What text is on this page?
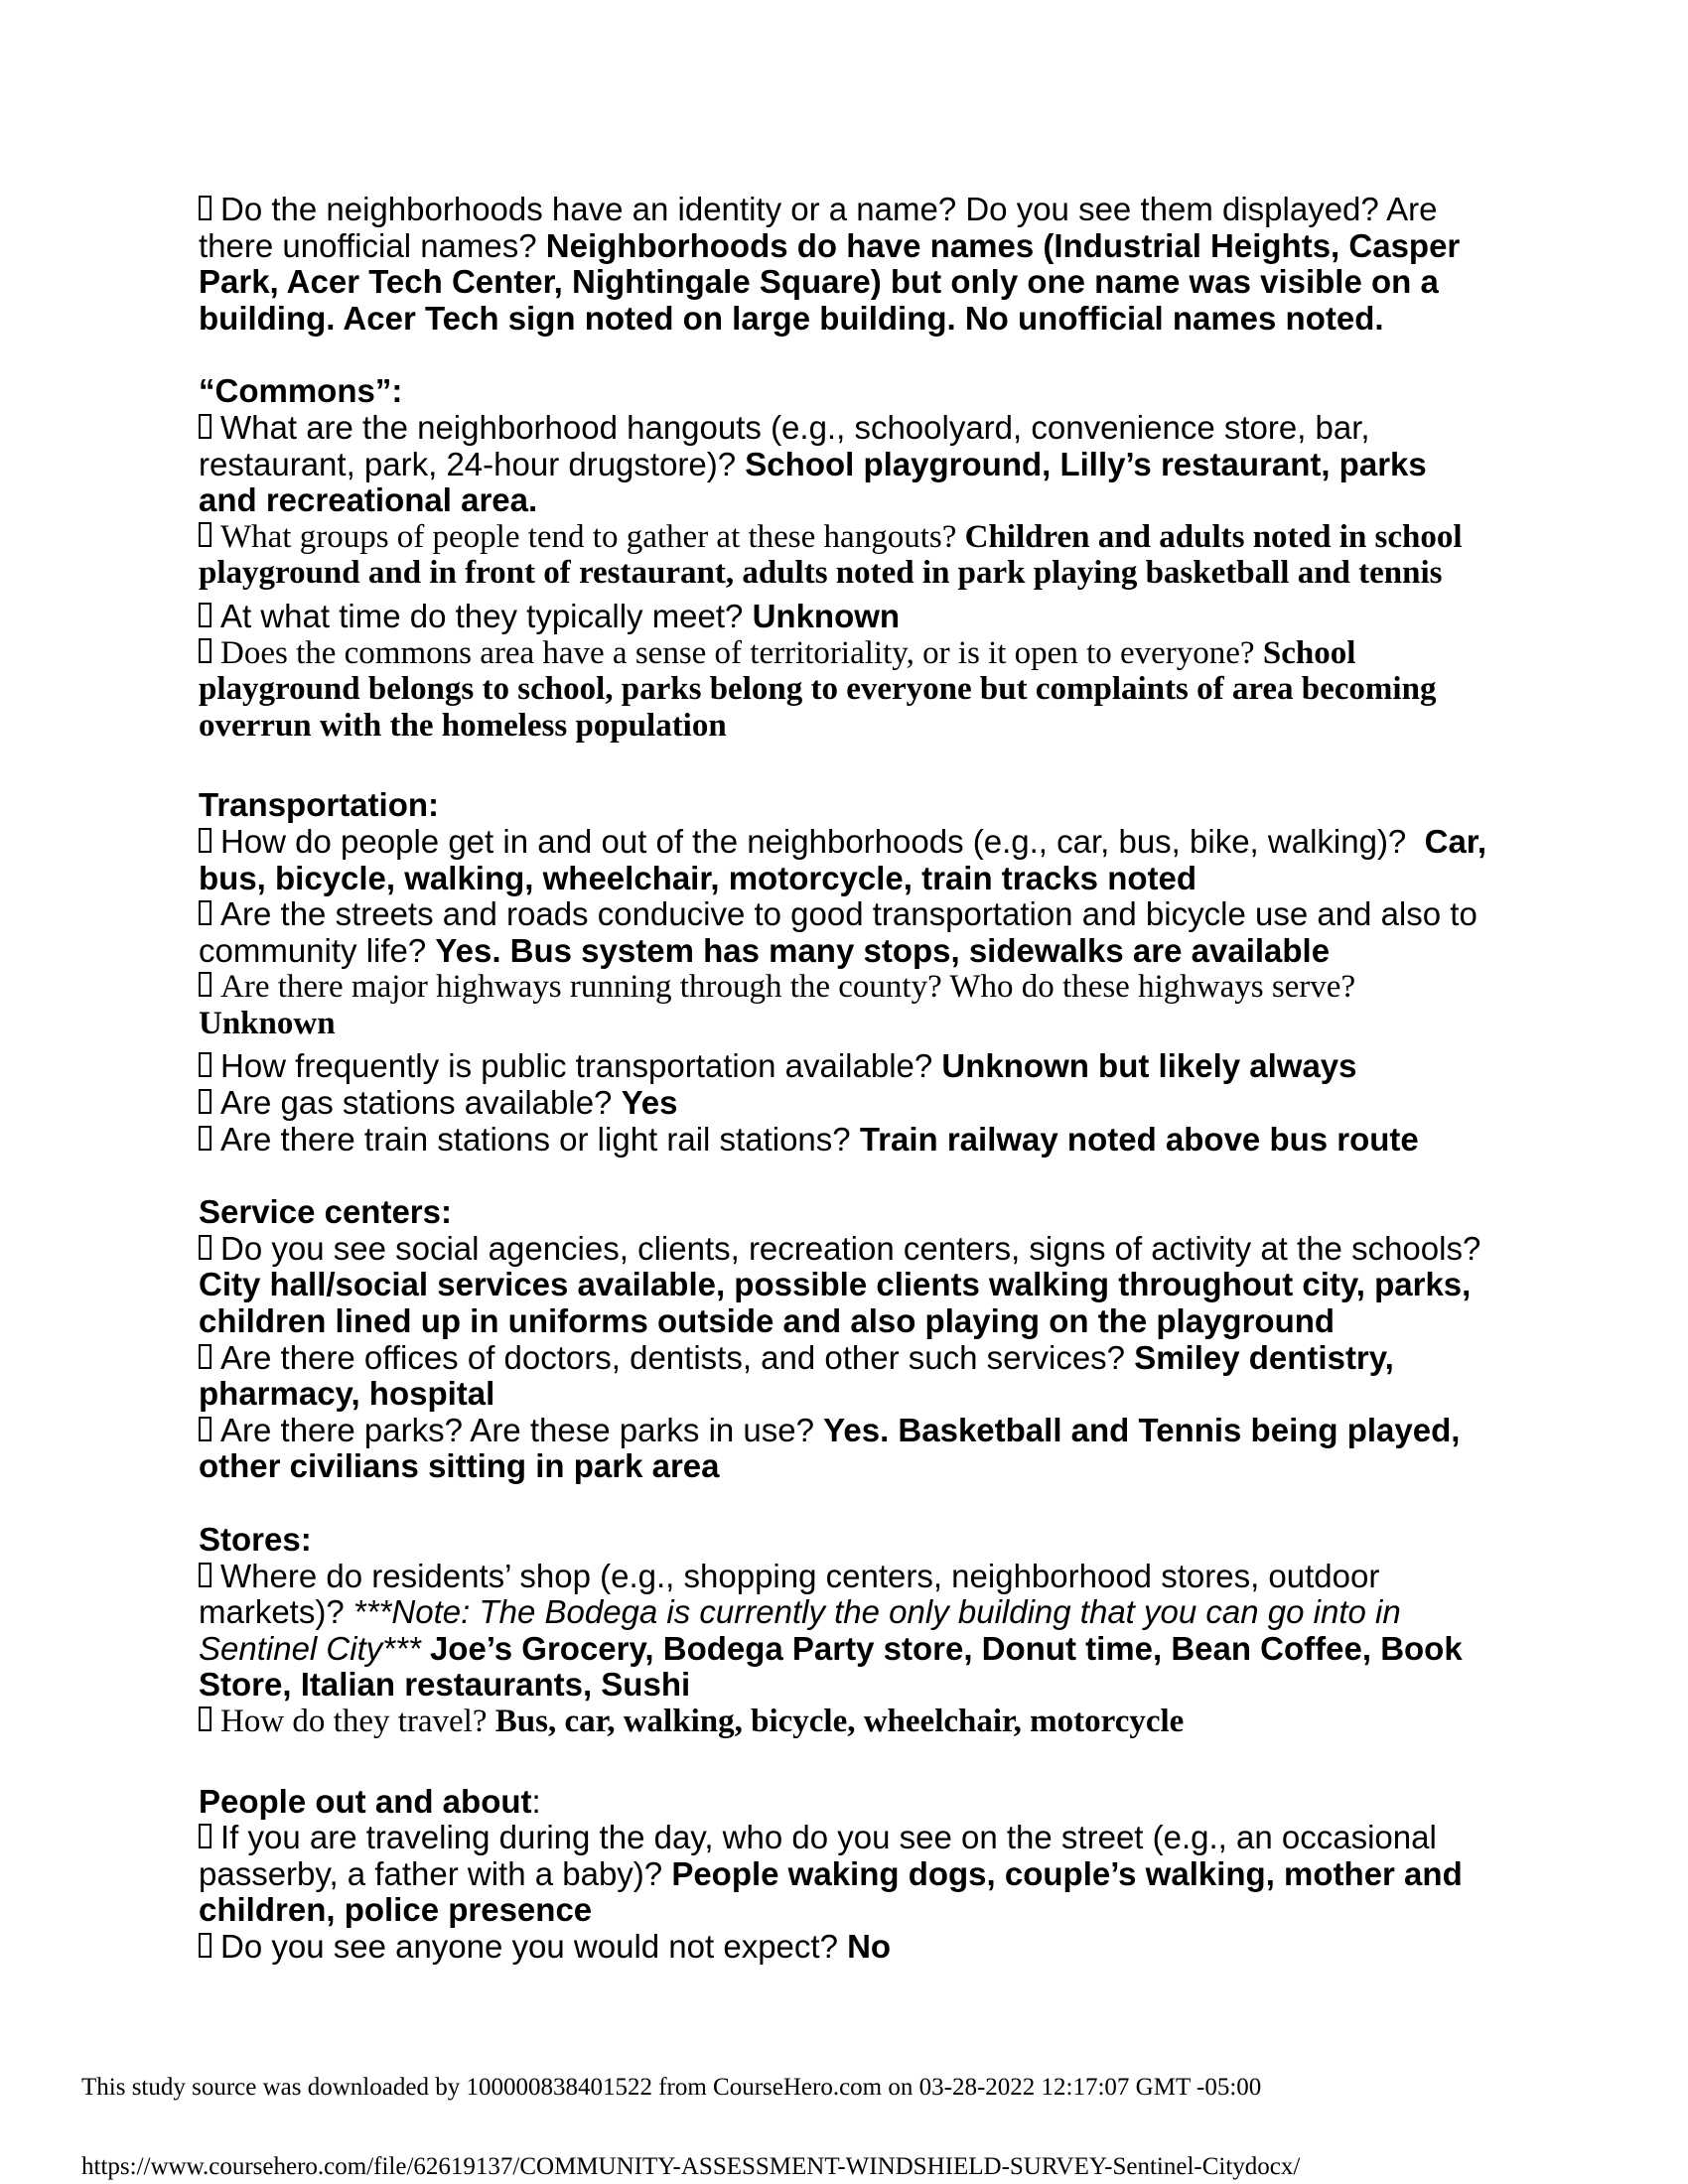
Do the neighborhoods have an identity or a name? Do you see them displayed? Are there unofficial names? Neighborhoods do have names (Industrial Heights, Casper Park, Acer Tech Center, Nightingale Square) but only one name was visible on a building. Acer Tech sign noted on large building. No unofficial names noted.

“Commons”:

What are the neighborhood hangouts (e.g., schoolyard, convenience store, bar, restaurant, park, 24-hour drugstore)? School playground, Lilly’s restaurant, parks and recreational area.

What groups of people tend to gather at these hangouts? Children and adults noted in school playground and in front of restaurant, adults noted in park playing basketball and tennis

At what time do they typically meet? Unknown

Does the commons area have a sense of territoriality, or is it open to everyone? School playground belongs to school, parks belong to everyone but complaints of area becoming overrun with the homeless population

Transportation:

How do people get in and out of the neighborhoods (e.g., car, bus, bike, walking)?  Car, bus, bicycle, walking, wheelchair, motorcycle, train tracks noted

Are the streets and roads conducive to good transportation and bicycle use and also to community life? Yes. Bus system has many stops, sidewalks are available

Are there major highways running through the county? Who do these highways serve? Unknown

How frequently is public transportation available? Unknown but likely always

Are gas stations available? Yes

Are there train stations or light rail stations? Train railway noted above bus route

Service centers:

Do you see social agencies, clients, recreation centers, signs of activity at the schools? City hall/social services available, possible clients walking throughout city, parks, children lined up in uniforms outside and also playing on the playground

Are there offices of doctors, dentists, and other such services? Smiley dentistry, pharmacy, hospital

Are there parks? Are these parks in use? Yes. Basketball and Tennis being played, other civilians sitting in park area

Stores:

Where do residents’ shop (e.g., shopping centers, neighborhood stores, outdoor markets)? ***Note: The Bodega is currently the only building that you can go into in Sentinel City*** Joe’s Grocery, Bodega Party store, Donut time, Bean Coffee, Book Store, Italian restaurants, Sushi

How do they travel? Bus, car, walking, bicycle, wheelchair, motorcycle

People out and about:

If you are traveling during the day, who do you see on the street (e.g., an occasional passerby, a father with a baby)? People waking dogs, couple’s walking, mother and children, police presence

Do you see anyone you would not expect? No

This study source was downloaded by 100000838401522 from CourseHero.com on 03-28-2022 12:17:07 GMT -05:00
https://www.coursehero.com/file/62619137/COMMUNITY-ASSESSMENT-WINDSHIELD-SURVEY-Sentinel-Citydocx/
